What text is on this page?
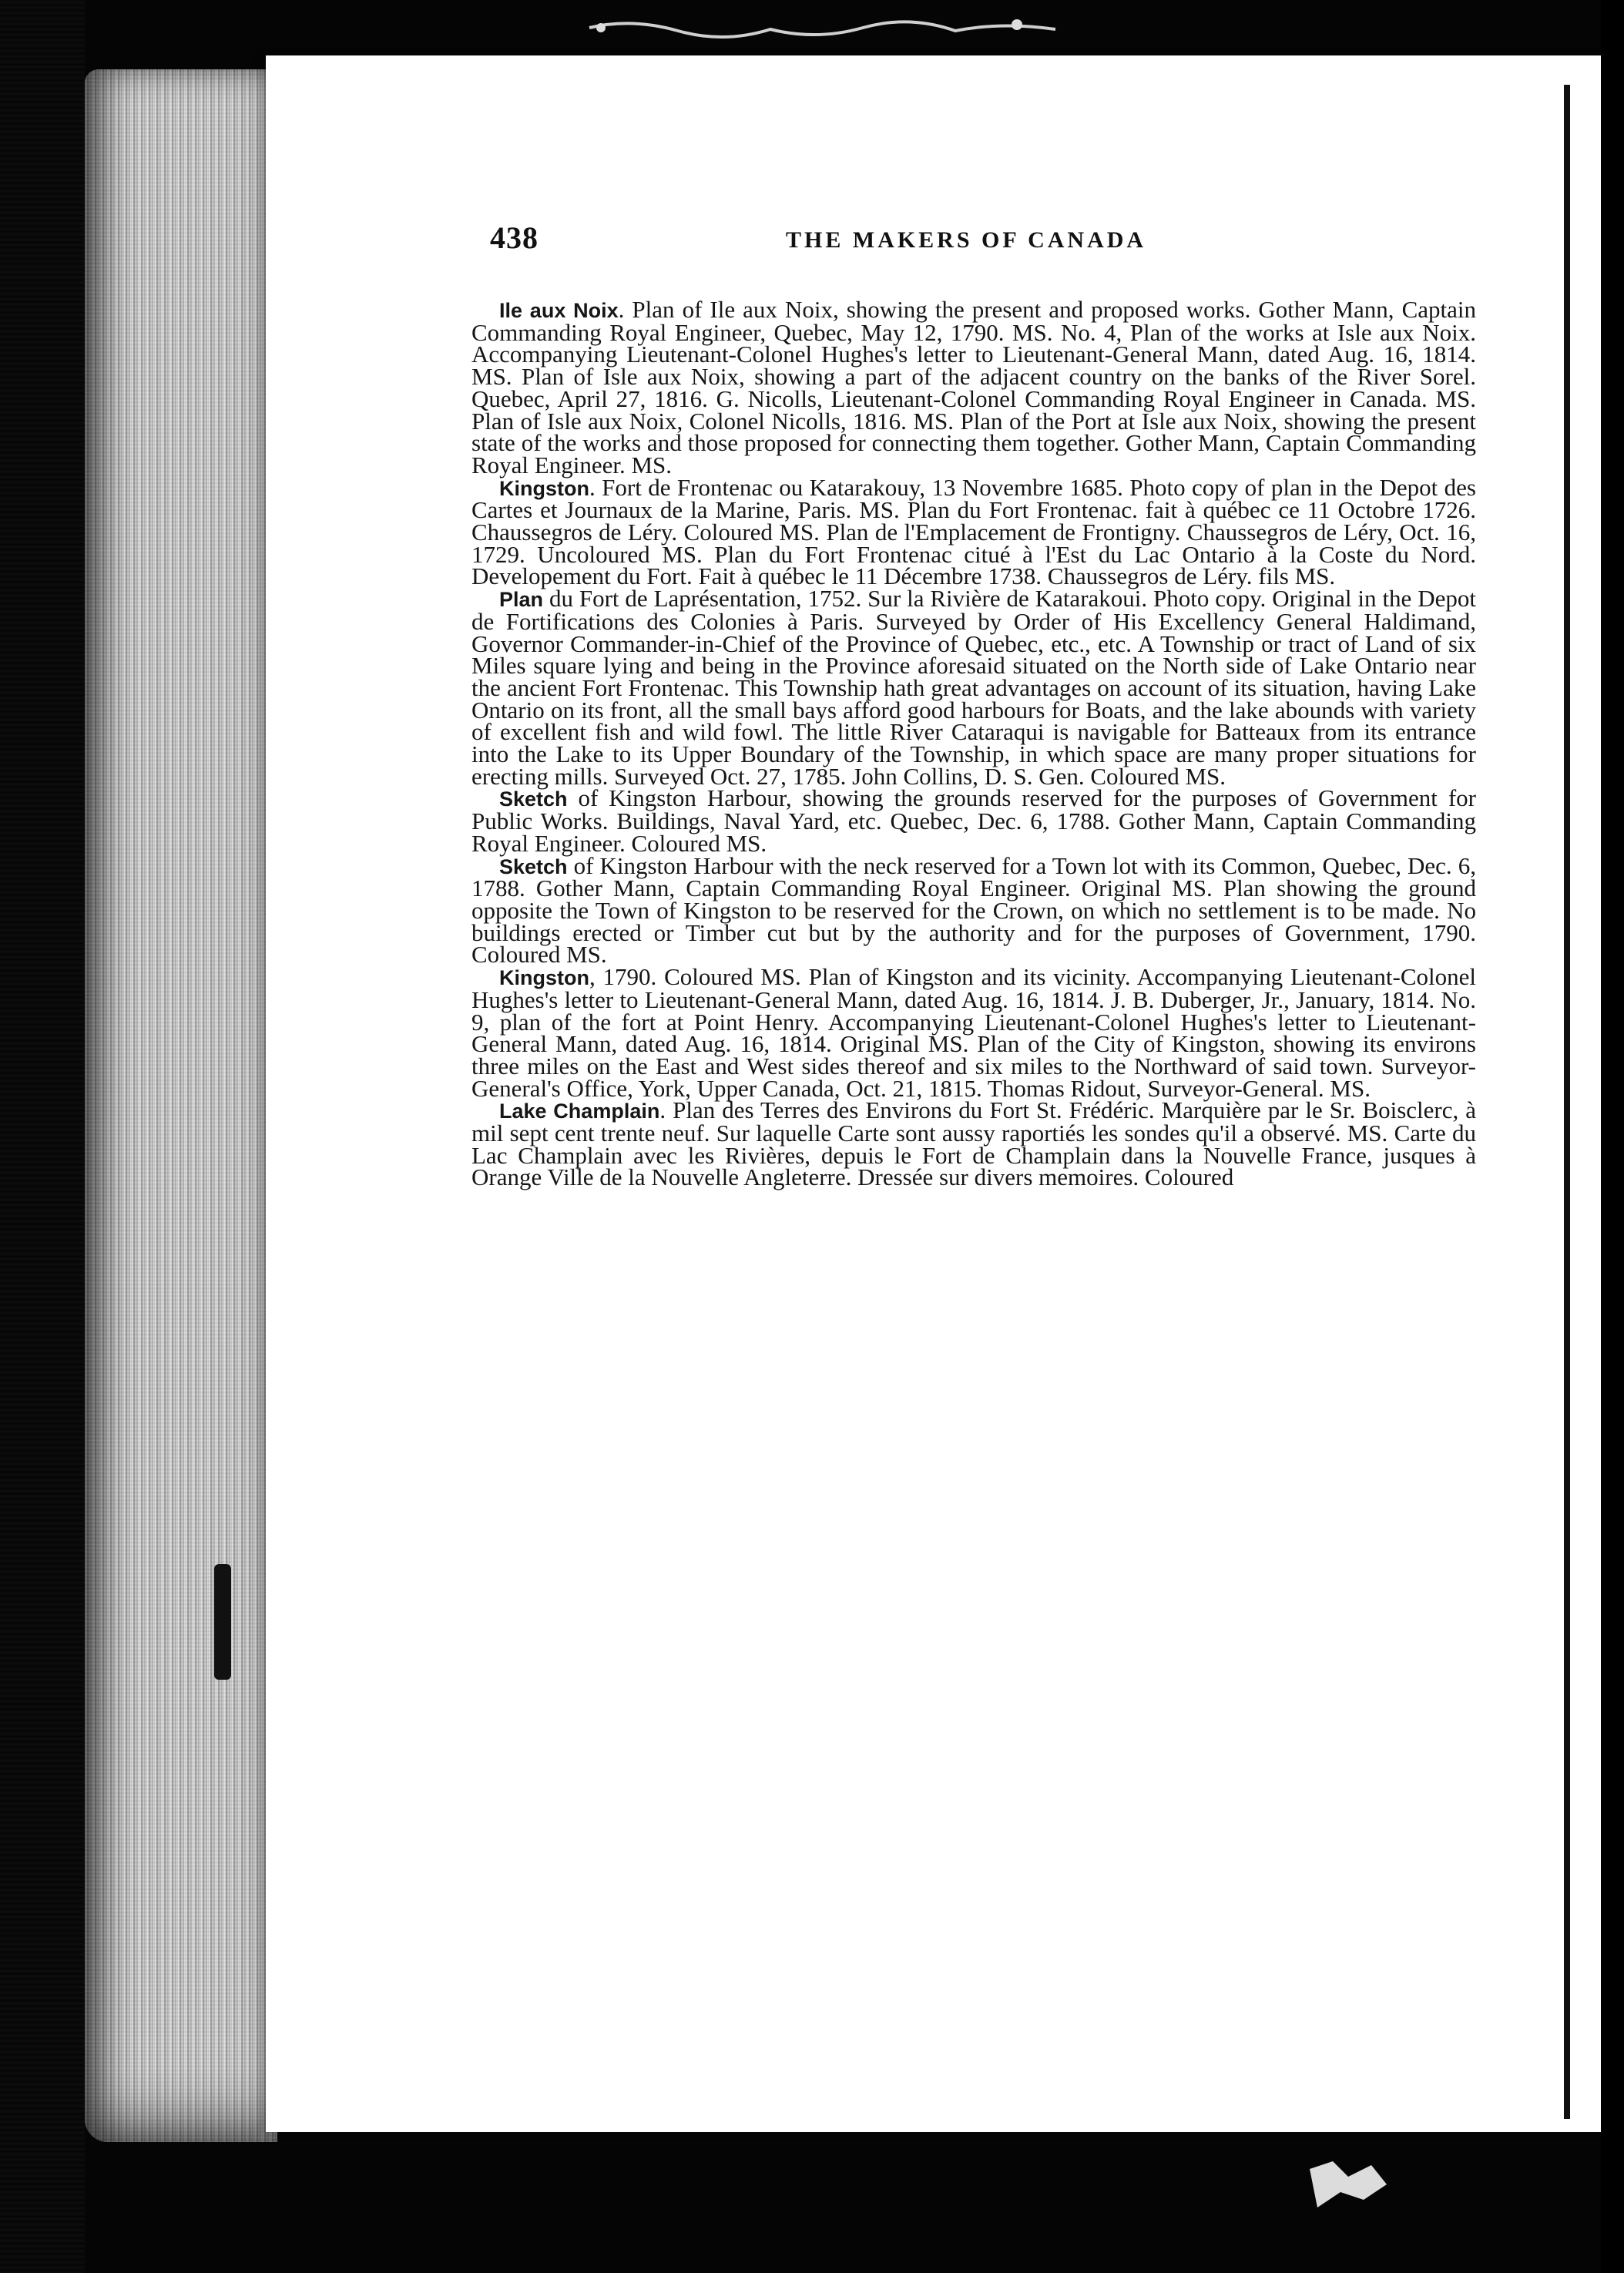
438	THE MAKERS OF CANADA

Ile aux Noix. Plan of Ile aux Noix, showing the present and proposed works. Gother Mann, Captain Commanding Royal Engineer, Quebec, May 12, 1790. MS. No. 4, Plan of the works at Isle aux Noix. Accompanying Lieutenant-Colonel Hughes's letter to Lieutenant-General Mann, dated Aug. 16, 1814. MS. Plan of Isle aux Noix, showing a part of the adjacent country on the banks of the River Sorel. Quebec, April 27, 1816. G. Nicolls, Lieutenant-Colonel Commanding Royal Engineer in Canada. MS. Plan of Isle aux Noix, Colonel Nicolls, 1816. MS. Plan of the Port at Isle aux Noix, showing the present state of the works and those proposed for connecting them together. Gother Mann, Captain Commanding Royal Engineer. MS.

Kingston. Fort de Frontenac ou Katarakouy, 13 Novembre 1685. Photo copy of plan in the Depot des Cartes et Journaux de la Marine, Paris. MS. Plan du Fort Frontenac. fait à québec ce 11 Octobre 1726. Chaussegros de Léry. Coloured MS. Plan de l'Emplacement de Frontigny. Chaussegros de Léry, Oct. 16, 1729. Uncoloured MS. Plan du Fort Frontenac citué à l'Est du Lac Ontario à la Coste du Nord. Developement du Fort. Fait à québec le 11 Décembre 1738. Chaussegros de Léry. fils MS.

Plan du Fort de Laprésentation, 1752. Sur la Rivière de Katarakoui. Photo copy. Original in the Depot de Fortifications des Colonies à Paris. Surveyed by Order of His Excellency General Haldimand, Governor Commander-in-Chief of the Province of Quebec, etc., etc. A Township or tract of Land of six Miles square lying and being in the Province aforesaid situated on the North side of Lake Ontario near the ancient Fort Frontenac. This Township hath great advantages on account of its situation, having Lake Ontario on its front, all the small bays afford good harbours for Boats, and the lake abounds with variety of excellent fish and wild fowl. The little River Cataraqui is navigable for Batteaux from its entrance into the Lake to its Upper Boundary of the Township, in which space are many proper situations for erecting mills. Surveyed Oct. 27, 1785. John Collins, D. S. Gen. Coloured MS.

Sketch of Kingston Harbour, showing the grounds reserved for the purposes of Government for Public Works. Buildings, Naval Yard, etc. Quebec, Dec. 6, 1788. Gother Mann, Captain Commanding Royal Engineer. Coloured MS.

Sketch of Kingston Harbour with the neck reserved for a Town lot with its Common, Quebec, Dec. 6, 1788. Gother Mann, Captain Commanding Royal Engineer. Original MS. Plan showing the ground opposite the Town of Kingston to be reserved for the Crown, on which no settlement is to be made. No buildings erected or Timber cut but by the authority and for the purposes of Government, 1790. Coloured MS.

Kingston, 1790. Coloured MS. Plan of Kingston and its vicinity. Accompanying Lieutenant-Colonel Hughes's letter to Lieutenant-General Mann, dated Aug. 16, 1814. J. B. Duberger, Jr., January, 1814. No. 9, plan of the fort at Point Henry. Accompanying Lieutenant-Colonel Hughes's letter to Lieutenant-General Mann, dated Aug. 16, 1814. Original MS. Plan of the City of Kingston, showing its environs three miles on the East and West sides thereof and six miles to the Northward of said town. Surveyor-General's Office, York, Upper Canada, Oct. 21, 1815. Thomas Ridout, Surveyor-General. MS.

Lake Champlain. Plan des Terres des Environs du Fort St. Frédéric. Marquière par le Sr. Boisclerc, à mil sept cent trente neuf. Sur laquelle Carte sont aussy raportiés les sondes qu'il a observé. MS. Carte du Lac Champlain avec les Rivières, depuis le Fort de Champlain dans la Nouvelle France, jusques à Orange Ville de la Nouvelle Angleterre. Dressée sur divers memoires. Coloured
